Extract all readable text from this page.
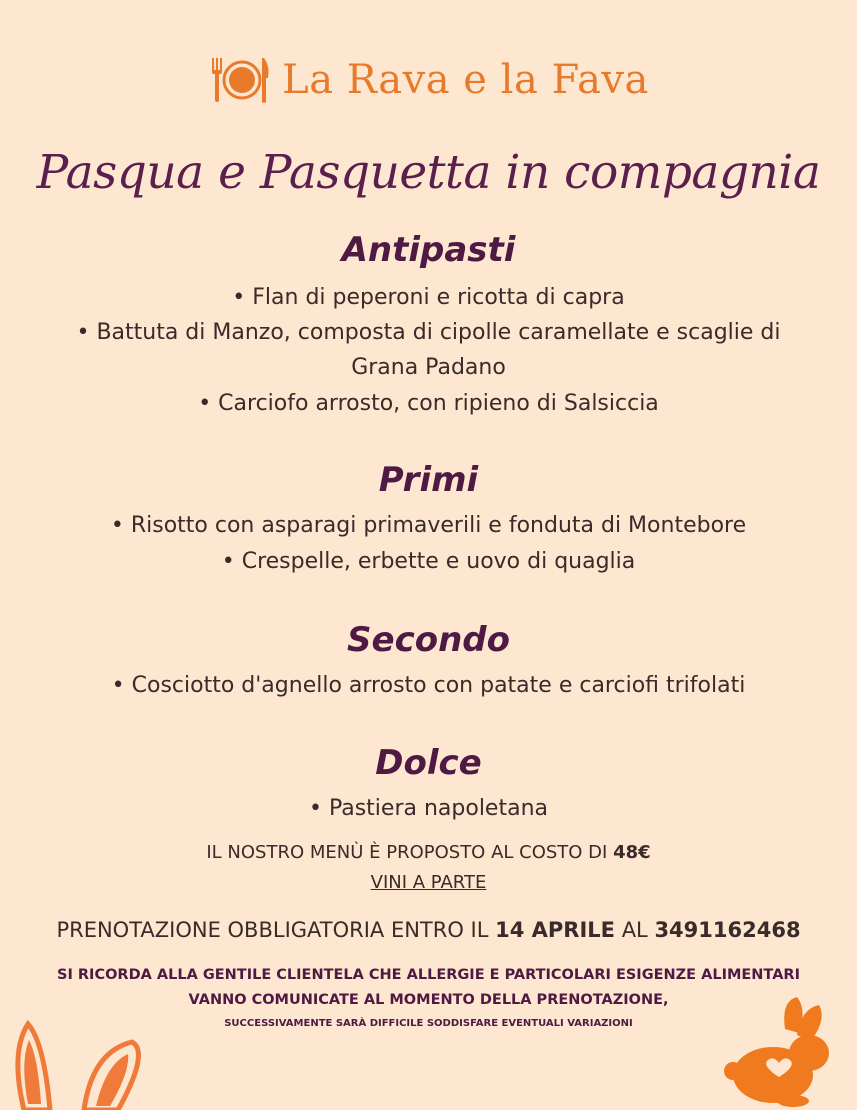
La Rava e la Fava
Pasqua e Pasquetta in compagnia
Antipasti
• Flan di peperoni e ricotta di capra
• Battuta di Manzo, composta di cipolle caramellate e scaglie di
Grana Padano
• Carciofo arrosto, con ripieno di Salsiccia
Primi
• Risotto con asparagi primaverili e fonduta di Montebore
• Crespelle, erbette e uovo di quaglia
Secondo
• Cosciotto d'agnello arrosto con patate e carciofi trifolati
Dolce
• Pastiera napoletana
IL NOSTRO MENÙ È PROPOSTO AL COSTO DI 48€
VINI A PARTE
PRENOTAZIONE OBBLIGATORIA ENTRO IL 14 APRILE AL 3491162468
SI RICORDA ALLA GENTILE CLIENTELA CHE ALLERGIE E PARTICOLARI ESIGENZE ALIMENTARI
VANNO COMUNICATE AL MOMENTO DELLA PRENOTAZIONE,
SUCCESSIVAMENTE SARÀ DIFFICILE SODDISFARE EVENTUALI VARIAZIONI
